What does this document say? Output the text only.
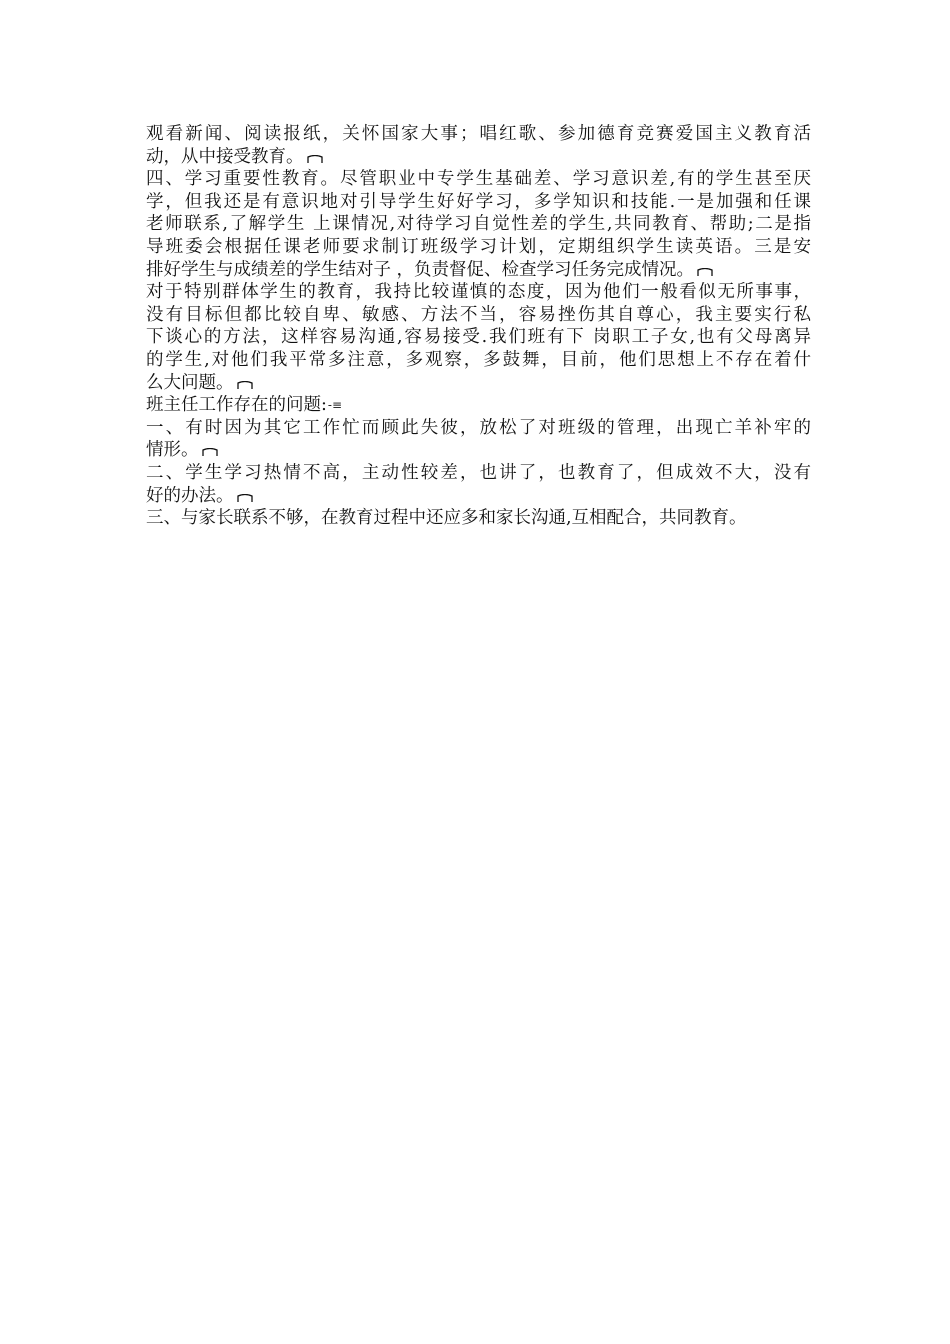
观看新闻、阅读报纸，关怀国家大事；唱红歌、参加德育竞赛爱国主义教育活
动，从中接受教育。
四、学习重要性教育。尽管职业中专学生基础差、学习意识差,有的学生甚至厌
学，但我还是有意识地对引导学生好好学习，多学知识和技能.一是加强和任课
老师联系,了解学生 上课情况,对待学习自觉性差的学生,共同教育、帮助;二是指
导班委会根据任课老师要求制订班级学习计划，定期组织学生读英语。三是安
排好学生与成绩差的学生结对子 ，负责督促、检查学习任务完成情况。
对于特别群体学生的教育，我持比较谨慎的态度，因为他们一般看似无所事事，
没有目标但都比较自卑、敏感、方法不当，容易挫伤其自尊心，我主要实行私
下谈心的方法，这样容易沟通,容易接受.我们班有下 岗职工子女,也有父母离异
的学生,对他们我平常多注意，多观察，多鼓舞，目前，他们思想上不存在着什
么大问题。
班主任工作存在的问题:-≡
一、有时因为其它工作忙而顾此失彼，放松了对班级的管理，出现亡羊补牢的
情形。
二、学生学习热情不高，主动性较差，也讲了，也教育了，但成效不大，没有
好的办法。
三、与家长联系不够，在教育过程中还应多和家长沟通,互相配合，共同教育。
